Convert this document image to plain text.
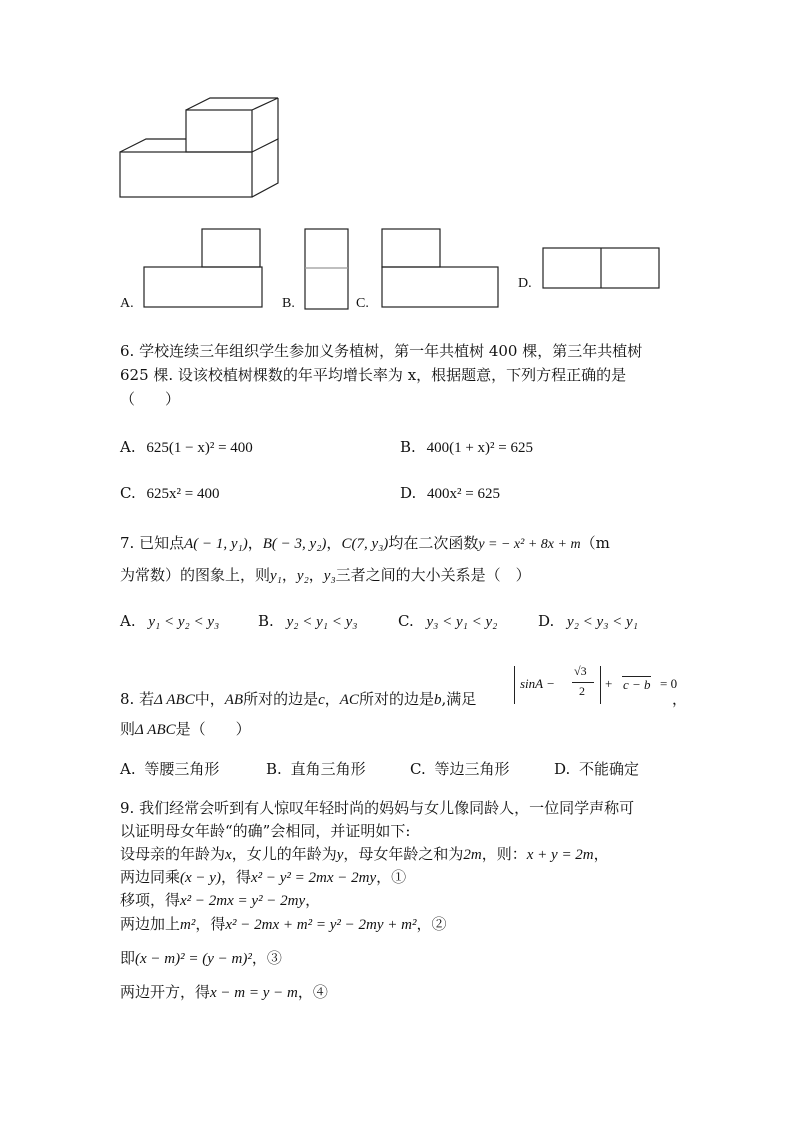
A.	B.	C.
D.
6. 学校连续三年组织学生参加义务植树，第一年共植树 400 棵，第三年共植树
625 棵. 设该校植树棵数的年平均增长率为 x，根据题意，下列方程正确的是
（　　）
A. 625(1 − x)² = 400	B. 400(1 + x)² = 625
C. 625x² = 400	D. 400x² = 625
7. 已知点A( − 1, y₁)，B( − 3, y₂)，C(7, y₃)均在二次函数y = − x² + 8x + m（m
为常数）的图象上，则y₁，y₂，y₃三者之间的大小关系是（　）
A. y₁ < y₂ < y₃	B. y₂ < y₁ < y₃	C. y₃ < y₁ < y₂	D. y₂ < y₃ < y₁
8. 若Δ ABC中，AB所对的边是c，AC所对的边是b,满足
sinA −
√3
2 + c − b = 0
，
则Δ ABC是（　　）
A. 等腰三角形	B. 直角三角形	C. 等边三角形	D. 不能确定
9. 我们经常会听到有人惊叹年轻时尚的妈妈与女儿像同龄人，一位同学声称可
以证明母女年龄“的确”会相同，并证明如下:
设母亲的年龄为x，女儿的年龄为y，母女年龄之和为2m，则：x + y = 2m，
两边同乘(x − y)，得x² − y² = 2mx − 2my，①
移项，得x² − 2mx = y² − 2my，
两边加上m²，得x² − 2mx + m² = y² − 2my + m²，②
即(x − m)² = (y − m)²，③
两边开方，得x − m = y − m，④
